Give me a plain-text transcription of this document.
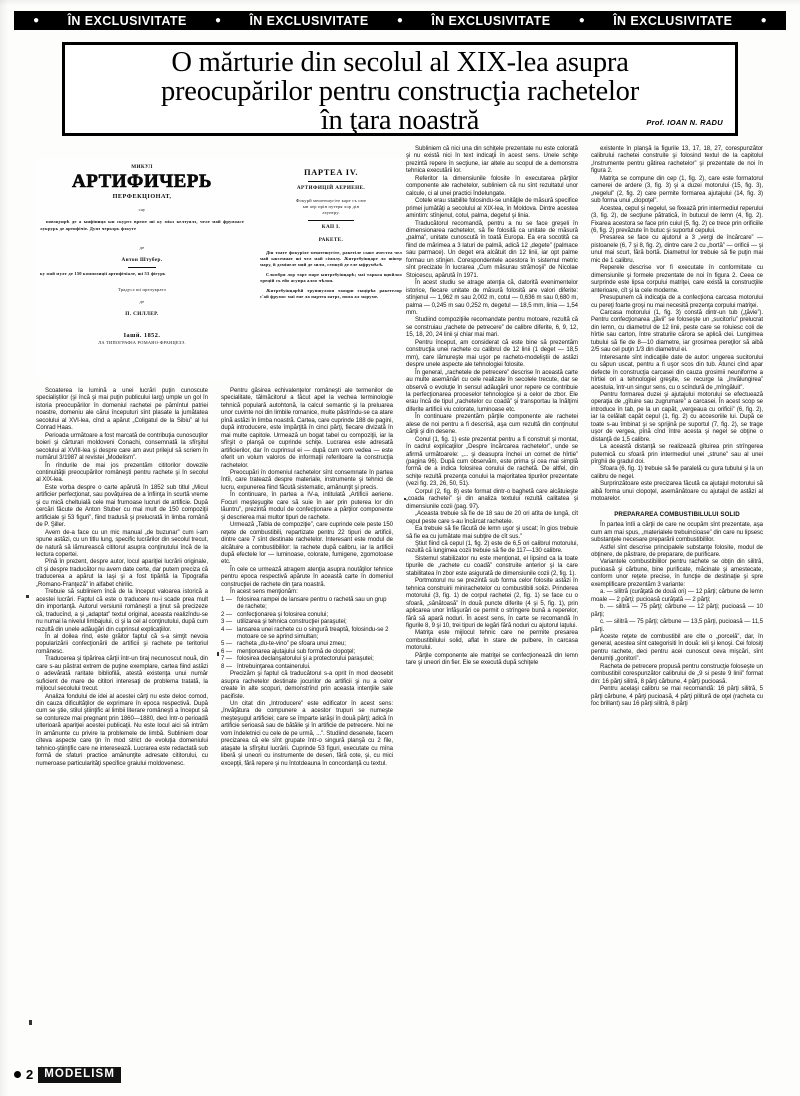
● ÎN EXCLUSIVITATE	● ÎN EXCLUSIVITATE	● ÎN EXCLUSIVITATE	● ÎN EXCLUSIVITATE	●
O mărturie din secolul al XIX-lea asupra
preocupărilor pentru construcţia rachetelor
în ţara noastră	Prof. IOAN N. RADU
МИКУЛ
АРТИФИЧЕРЬ
ПЕРФЕКЦІОНАТ,
сау

повэцуирѣ де а ынфіинца ын скуртэ време ші ку мікэ келтуялэ, челе май фрумоасе лукрурь де артифічіе. Дупэ черкэрь фэкуте

де
Антон Штубер.

ку май мулт де 150 композиціі артифічіале, ші 53 фігурь

Традусэ ші прелукратэ
де
П. СИЛЛЕР.
Іашй. 1852.
ЛА ТИПОГРАФІА РОМАНО-ФРАНЦЕЗЭ.
ПАРТЕА IV.
АРТИФИЦІЙ АЕРИЕНЕ.
Фокурй мештешугіте каре съ сюе
ын аер прін путеря лор дін
лэунтру.
КАП I.
РАКЕТЕ.

Дін тоате фокуріле мештешугіте, ракетіле сынт ачестеа чел май ынсемнат ші чел май сімплу. Ѫнтребуінцаре ло шінтр мару, й дэмінеле мяй де зилм, семнуй де еле ыфрумѣсѣ.

Сломбря лор таре маре ынтребуінцарѣ; маі таркоа щюйлоо трецій съ ейо асупра алоо чѣлои.

Ѫнтребуінцарѣй трупшулоои таоцри гыцірѣа ракетелор с'ай фрумос маі ене ла партеа ѳатрэ, пома ал зыруме.

Scoaterea la lumină a unei lucrări puţin cunoscute specialiştilor (şi încă şi mai puţin publicului larg) umple un gol în istoria preocupărilor în domeniul rachetei pe pămîntul patriei noastre, domeniu ale cărui începuturi sînt plasate la jumătatea secolului al XVI-lea, cînd a apărut „Coligatul de la Sibiu” al lui Conrad Haas.

Perioada următoare a fost marcată de contribuţia cunoscuţilor boieri şi cărturari moldoveni Conachi, consemnată la sfîrşitul secolului al XVIII-lea şi despre care am avut prilejul să scriem în numărul 3/1987 al revistei „Modelism”.

În rîndurile de mai jos prezentăm cititorilor dovezile continuităţii preocupărilor româneşti pentru rachete şi în secolul al XIX-lea.

Este vorba despre o carte apărută în 1852 sub titlul „Micul artificier perfecţionat, sau povăţuirea de a înfiinţa în scurtă vreme şi cu mică cheltuială cele mai frumoase lucruri de artificie. După cercări făcute de Anton Stuber cu mai mult de 150 compoziţii artificiale şi 53 figuri”, fiind tradusă şi prelucrată în limba română de P. Şiller.

Avem de-a face cu un mic manual „de buzunar” cum i-am spune astăzi, cu un titlu lung, specific lucrărilor din secolul trecut, de natură să lămurească cititorul asupra conţinutului încă de la lectura copertei.

Pînă în prezent, despre autor, locul apariţiei lucrării originale, cît şi despre traducător nu avem date certe, dar putem preciza că traducerea a apărut la Iaşi şi a fost tipărită la Tipografia „Romano-Franţeză” în alfabet chirilic.

Trebuie să subliniem încă de la început valoarea istorică a acestei lucrări. Faptul că este o traducere nu-i scade prea mult din importanţă. Autorul versiunii româneşti a ţinut să precizeze că, traducînd, a şi „adaptat” textul original, aceasta realizîndu-se nu numai la nivelul limbajului, ci şi la cel al conţinutului, după cum rezultă din unele adăugări din cuprinsul explicaţiilor.

În al doilea rînd, este grăitor faptul că s-a simţit nevoia popularizării confecţionării de artificii şi rachete pe teritoriul românesc.

Traducerea şi tipărirea cărţii într-un tiraj necunoscut nouă, din care s-au păstrat extrem de puţine exemplare, cartea fiind astăzi o adevărată raritate bibliofilă, atestă existenţa unui număr suficient de mare de cititori interesaţi de problema tratată, la mijlocul secolului trecut.

Analiza fondului de idei al acestei cărţi nu este deloc comod, din cauza dificultăţilor de exprimare în epoca respectivă. După cum se ştie, stilul ştiinţific al limbii literare româneşti a început să se contureze mai pregnant prin 1860—1880, deci într-o perioadă ulterioară apariţiei acestei publicaţii. Nu este locul aici să intrăm în amănunte cu privire la problemele de limbă. Subliniem doar cîteva aspecte care ţin în mod strict de evoluţia domeniului tehnico-ştiinţific care ne interesează. Lucrarea este redactată sub formă de sfaturi practice amănunţite adresate cititorului, cu numeroase particularităţi specifice graiului moldovenesc.

Pentru găsirea echivalenţelor româneşti ale termenilor de specialitate, tălmăcitorul a făcut apel la vechea terminologie tehnică populară autohtonă, la calcul semantic şi la preluarea unor cuvinte noi din limbile romanice, multe păstrîndu-se ca atare pînă astăzi în limba noastră. Cartea, care cuprinde 188 de pagini, după introducere, este împărţită în cinci părţi, fiecare divizată în mai multe capitole. Urmează un bogat tabel cu compoziţii, iar la sfîrşit o planşă ce cuprinde schiţe. Lucrarea este adresată artificierilor, dar în cuprinsul ei — după cum vom vedea — este oferit un volum valoros de informaţii referitoare la construcţia rachetelor.

Preocupări în domeniul rachetelor sînt consemnate în partea întîi, care tratează despre materiale, instrumente şi tehnici de lucru, expunerea fiind făcută sistematic, amănunţit şi precis.

În continuare, în partea a IV-a, intitulată „Artificii aeriene. Focuri meşteşugite care să suie în aer prin puterea lor din lăuntru”, prezintă modul de confecţionare a părţilor componente şi descrierea mai multor tipuri de rachete.

Urmează „Tabla de compoziţie”, care cuprinde cele peste 150 reţete de combustibili, repartizate pentru 22 tipuri de artificii, dintre care 7 sînt destinate rachetelor. Interesant este modul de alcătuire a combustibililor: la rachete după calibru, iar la artificii după efectele lor — luminoase, colorate, fumigene, zgomotoase etc.

În cele ce urmează atragem atenţia asupra noutăţilor tehnice pentru epoca respectivă apărute în această carte în domeniul construcţiei de rachete din ţara noastră.

În acest sens menţionăm:

1 — folosirea rampei de lansare pentru o rachetă sau un grup de rachete;

2 — confecţionarea şi folosirea conului;

3 — utilizarea şi tehnica construcţiei paraşutei;

4 — lansarea unei rachete cu o singură treaptă, folosindu-se 2 motoare ce se aprind simultan;

5 — racheta „du-te-vino” pe sfoara unui zmeu;

6 — menţionarea ajutajului sub formă de clopoţel;

7 — folosirea declanşatorului şi a protectorului paraşutei;

8 — întrebuinţarea containerului.

Precizăm şi faptul că traducătorul s-a oprit în mod deosebit asupra rachetelor destinate jocurilor de artificii şi nu a celor create în alte scopuri, demonstrînd prin aceasta intenţiile sale pacifiste.

Un citat din „Introducere” este edificator în acest sens: „învăţătura de compunere a acestor trupuri se numeşte meşteşugul artificiei; care se împarte iarăşi în două părţi; adică în artificie serioasă sau de bătălie şi în artificie de petrecere. Noi ne vom îndeletnici cu cele de pe urmă, ...”. Studiind desenele, facem precizarea că ele sînt grupate într-o singură planşă cu 2 file, ataşate la sfîrşitul lucrării. Cuprinde 53 figuri, executate cu mîna liberă şi uneori cu instrumente de desen, fără cote, şi, cu mici excepţii, fără repere şi nu întotdeauna în concordanţă cu textul.

Subliniem că nici una din schiţele prezentate nu este colorată şi nu există nici în text indicaţii în acest sens. Unele schiţe prezintă repere în secţiune, iar altele au scopul de a demonstra tehnica executării lor.

Referitor la dimensiunile folosite în executarea părţilor componente ale rachetelor, subliniem că nu sînt rezultatul unor calcule, ci al unei practici îndelungate.

Cotele erau stabilite folosindu-se unităţile de măsură specifice primei jumătăţi a secolului al XIX-lea, în Moldova. Dintre acestea amintim: stînjenul, cotul, palma, degetul şi linia.

Traducătorul recomandă, pentru a nu se face greşeli în dimensionarea rachetelor, să fie folosită ca unitate de măsură „palma”, unitate cunoscută în toată Europa. Ea era socotită ca fiind de mărimea a 3 laturi de palmă, adică 12 „degete” (palmace sau parmace). Un deget era alcătuit din 12 linii, iar opt palme formau un stînjen. Corespondentele acestora în sistemul metric sînt precizate în lucrarea „Cum măsurau strămoşii” de Nicolae Stoicescu, apărută în 1971.

În acest studiu se atrage atenţia că, datorită evenimentelor istorice, fiecare unitate de măsură folosită are valori diferite: stînjenul — 1,962 m sau 2,002 m, cotul — 0,636 m sau 0,680 m, palma — 0,245 m sau 0,252 m, degetul — 18,5 mm, linia — 1,54 mm.

Studiind compoziţiile recomandate pentru motoare, rezultă că se construiau „rachete de petrecere” de calibre diferite, 6, 9, 12, 15, 18, 20, 24 linii şi chiar mai mari.

Pentru început, am considerat că este bine să prezentăm construcţia unei rachete cu calibrul de 12 linii (1 deget — 18,5 mm), care lămureşte mai uşor pe racheto-modeliştii de astăzi despre unele aspecte ale tehnologiei folosite.

În general, „rachetele de petrecere” descrise în această carte au multe asemănări cu cele realizate în secolele trecute, dar se observă o evoluţie în sensul adăugării unor repere ce contribuie la perfecţionarea proceselor tehnologice şi a celor de zbor. Ele erau încă de tipul „rachetelor cu coadă” şi transportau la înălţimi diferite artificii viu colorate, luminoase etc.

În continuare prezentăm părţile componente ale rachetei alese de noi pentru a fi descrisă, aşa cum rezultă din conţinutul cărţii şi din desene.

Conul (1, fig. 1) este prezentat pentru a fi construit şi montat, în cadrul explicaţiilor „Despre încărcarea rachetelor”, unde se afirmă următoarele: „... şi deasupra închei un cornet de hîrtie” (pagina 96). După cum observăm, este prima şi cea mai simplă formă de a indica folosirea conului de rachetă. De altfel, din schiţe rezultă prezenţa conului la majoritatea tipurilor prezentate (vezi fig. 23, 26, 50, 51).

Corpul (2, fig. 8) este format dintr-o baghetă care alcătuieşte „coada rachetei” şi din analiza textului rezultă calitatea şi dimensiunile cozii (pag. 97).

„Aceasta trebuie să fie de 18 sau de 20 ori atîta de lungă, cît cepul peste care s-au încărcat rachetele.

Ea trebuie să fie făcută de lemn uşor şi uscat; în gios trebuie să fie ea cu jumătate mai subţire de cît sus.”

Ştiut fiind că cepul (1, fig. 2) este de 6,5 ori calibrul motorului, rezultă că lungimea cozii trebuie să fie de 117—130 calibre.

Sistemul stabilizator nu este menţionat, el lipsind ca la toate tipurile de „rachete cu coadă” construite anterior şi la care stabilitatea în zbor este asigurată de dimensiunile cozii (2, fig. 1).

Portmotorul nu se prezintă sub forma celor folosite astăzi în tehnica construirii minirachetelor cu combustibili solizi. Prinderea motorului (3, fig. 1) de corpul rachetei (2, fig. 1) se face cu o sfoară, „sănătoasă” în două puncte diferite (4 şi 5, fig. 1), prin aplicarea unor înfăşurări ce permit o strîngere bună a reperelor, fără să apară noduri. În acest sens, în carte se recomandă în figurile 8, 9 şi 10, trei tipuri de legări fără noduri cu ajutorul laţului.

Matriţa este mijlocul tehnic care ne permite presarea combustibilului solid, aflat în stare de pulbere, în carcasa motorului.

Părţile componente ale matriţei se confecţionează din lemn tare şi uneori din fier. Ele se execută după schiţele

existente în planşă la figurile 13, 17, 18, 27, corespunzător calibrului rachetei construite şi folosind textul de la capitolul „Instrumente pentru gătirea rachetelor” şi prezentate de noi în figura 2.

Matriţa se compune din cep (1, fig. 2), care este formatorul camerei de ardere (3, fig. 3) şi a duzei motorului (15, fig. 3), „negelul” (2, fig. 2) care permite formarea ajutajului (14, fig. 3) sub forma unui „clopoţel”.

Acestea, cepul şi negelul, se fixează prin intermediul reperului (3, fig. 2), de secţiune pătratică, în butucul de lemn (4, fig. 2). Fixarea acestora se face prin cuiul (5, fig. 2) ce trece prin orificiile (6, fig. 2) prevăzute în butuc şi suportul cepului.

Presarea se face cu ajutorul a 3 „vergi de încărcare” — pistoanele (6, 7 şi 8, fig. 2), dintre care 2 cu „bortă” — orificii — şi unul mai scurt, fără bortă. Diametrul lor trebuie să fie puţin mai mic de 1 calibru.

Reperele descrise vor fi executate în conformitate cu dimensiunile şi formele prezentate de noi în figura 2. Ceea ce surprinde este lipsa corpului matriţei, care există la construcţiile anterioare, cît şi la cele moderne.

Presupunem că indicaţia de a confecţiona carcasa motorului cu pereţi foarte groşi nu mai necesită prezenţa corpului matriţei.

Carcasa motorului (1, fig. 3) constă dintr-un tub („ţăvie”). Pentru confecţionarea „ţăvii” se foloseşte un „sucitorîu” prelucrat din lemn, cu diametrul de 12 linii, peste care se roluiesc coli de hîrtie sau carton, între straturile cărora se aplică clei. Lungimea tubului să fie de 8—10 diametre, iar grosimea pereţilor să aibă 2/5 sau cel puţin 1/3 din diametrul ei.

Interesante sînt indicaţiile date de autor: ungerea sucitorului cu săpun uscat, pentru a fi uşor scos din tub. Atunci cînd apar defecte în construcţia carcasei din cauza grosimii neuniforme a hîrtiei ori a tehnologiei greşite, se recurge la „învălungirea” acestuia, într-un singur sens, cu o scîndură de „mîngăluit”.

Pentru formarea duzei şi ajutajului motorului se efectuează operaţia de „gîtuire sau zugrumare” a carcasei. În acest scop se introduce în tab, pe la un capăt, „vergeaua cu orificii” (6, fig. 2), iar la celălalt capăt cepul (1, fig. 2) cu accesoriile lui. După ce toate s-au îmbinat şi se sprijină pe suportul (7, fig. 2), se trage uşor de vergea, pînă cînd între acesta şi negel se obţine o distanţă de 1,5 calibre.

La această distanţă se realizează gîtuirea prin strîngerea puternică cu sfoară prin intermediul unei „strune” sau al unei pîrghii de gradul doi.

Sfoara (6, fig. 1) trebuie să fie paralelă cu gura tubului şi la un calibru de negel.

Surprinzătoare este precizarea făcută ca ajutajul motorului să aibă forma unui clopoţel, asemănătoare cu ajutajul de astăzi al motoarelor.

PREPARAREA COMBUSTIBILULUI SOLID

În partea întîi a cărţii de care ne ocupăm sînt prezentate, aşa cum am mai spus, „materialele trebuincioase” din care nu lipsesc substanţele necesare preparării combustibililor.

Astfel sînt descrise principalele substanţe folosite, modul de obţinere, de păstrare, de preparare, de purificare.

Variantele combustibililor pentru rachete se obţin din silitră, pucioasă şi cărbune, bine purificate, măcinate şi amestecate, conform unor reţete precise, în funcţie de destinaţie şi spre exemplificare prezentăm 3 variante:

a. — silitră (curăţată de două ori) — 12 părţi; cărbune de lemn moale — 2 părţi; pucioasă curăţată — 2 părţi;

b. — silitră — 75 părţi; cărbune — 12 părţi; pucioasă — 10 părţi;

c. — silitră — 75 părţi; cărbune — 13,5 părţi, pucioasă — 11,5 părţi.

Aceste reţete de combustibil are clte o „porcelă”, dar, în general, acestea sînt categorisiti în două: ieli şi lenoşi. Cei folosiţi pentru rachete, deci pentru acei cunoscut ceva mişcări, sînt denumiţi „gonitori”.

Racheta de petrecere propusă pentru construcţie foloseşte un combustibil corespunzător calibrului de „9 si peste 9 linii” format din: 16 părţi silitră, 8 părţi cărbune, 4 părţi pucioasă.

Pentru acelaşi calibru se mai recomandă: 16 părţi silitră, 5 părţi cărbune, 4 părţi pucioasă, 4 părţi pilitură de oţel (racheta cu foc brillant) sau 16 părţi silitră, 8 părţi

2 MODELISM
